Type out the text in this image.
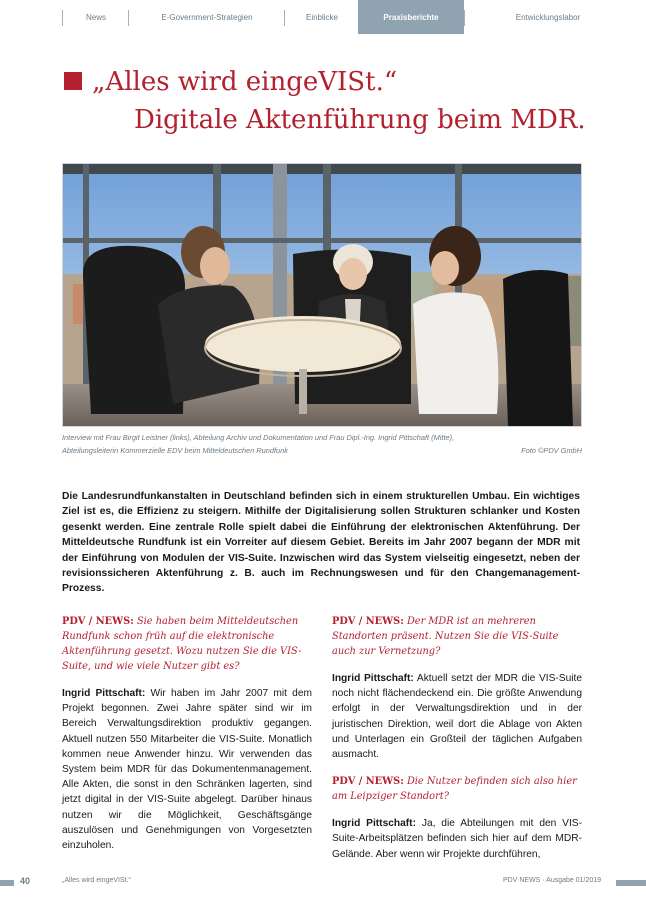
News	E-Government-Strategien	Einblicke	Praxisberichte	Entwicklungslabor
„Alles wird eingeVISt.“
Digitale Aktenführung beim MDR.
Interview mit Frau Birgit Leistner (links), Abteilung Archiv und Dokumentation und Frau Dipl.-Ing. Ingrid Pittschaft (Mitte),
Abteilungsleiterin Kommerzielle EDV beim Mitteldeutschen Rundfunk	Foto ©PDV GmbH

Die Landesrundfunkanstalten in Deutschland befinden sich in einem strukturellen Umbau. Ein wichtiges Ziel ist es, die Effizienz zu steigern. Mithilfe der Digitalisierung sollen Strukturen schlanker und Kosten gesenkt werden. Eine zentrale Rolle spielt dabei die Einführung der elektronischen Aktenführung. Der Mitteldeutsche Rundfunk ist ein Vorreiter auf diesem Gebiet. Bereits im Jahr 2007 begann der MDR mit der Einführung von Modulen der VIS-Suite. Inzwischen wird das System vielseitig eingesetzt, neben der revisionssicheren Aktenführung z. B. auch im Rechnungswesen und für den Changemanagement-Prozess.

PDV / NEWS: Sie haben beim Mitteldeutschen Rundfunk schon früh auf die elektronische Aktenführung gesetzt. Wozu nutzen Sie die VIS-Suite, und wie viele Nutzer gibt es?

Ingrid Pittschaft: Wir haben im Jahr 2007 mit dem Projekt begonnen. Zwei Jahre später sind wir im Bereich Verwaltungsdirektion produktiv gegangen. Aktuell nutzen 550 Mitarbeiter die VIS-Suite. Monatlich kommen neue Anwender hinzu. Wir verwenden das System beim MDR für das Dokumentenmanagement. Alle Akten, die sonst in den Schränken lagerten, sind jetzt digital in der VIS-Suite abgelegt. Darüber hinaus nutzen wir die Möglichkeit, Geschäftsgänge auszulösen und Genehmigungen von Vorgesetzten einzuholen.

PDV / NEWS: Der MDR ist an mehreren Standorten präsent. Nutzen Sie die VIS-Suite auch zur Vernetzung?

Ingrid Pittschaft: Aktuell setzt der MDR die VIS-Suite noch nicht flächendeckend ein. Die größte Anwendung erfolgt in der Verwaltungsdirektion und in der juristischen Direktion, weil dort die Ablage von Akten und Unterlagen ein Großteil der täglichen Aufgaben ausmacht.

PDV / NEWS: Die Nutzer befinden sich also hier am Leipziger Standort?

Ingrid Pittschaft: Ja, die Abteilungen mit den VIS-Suite-Arbeitsplätzen befinden sich hier auf dem MDR-Gelände. Aber wenn wir Projekte durchführen,

40	„Alles wird eingeVISt.“	PDV NEWS · Ausgabe 01/2019
